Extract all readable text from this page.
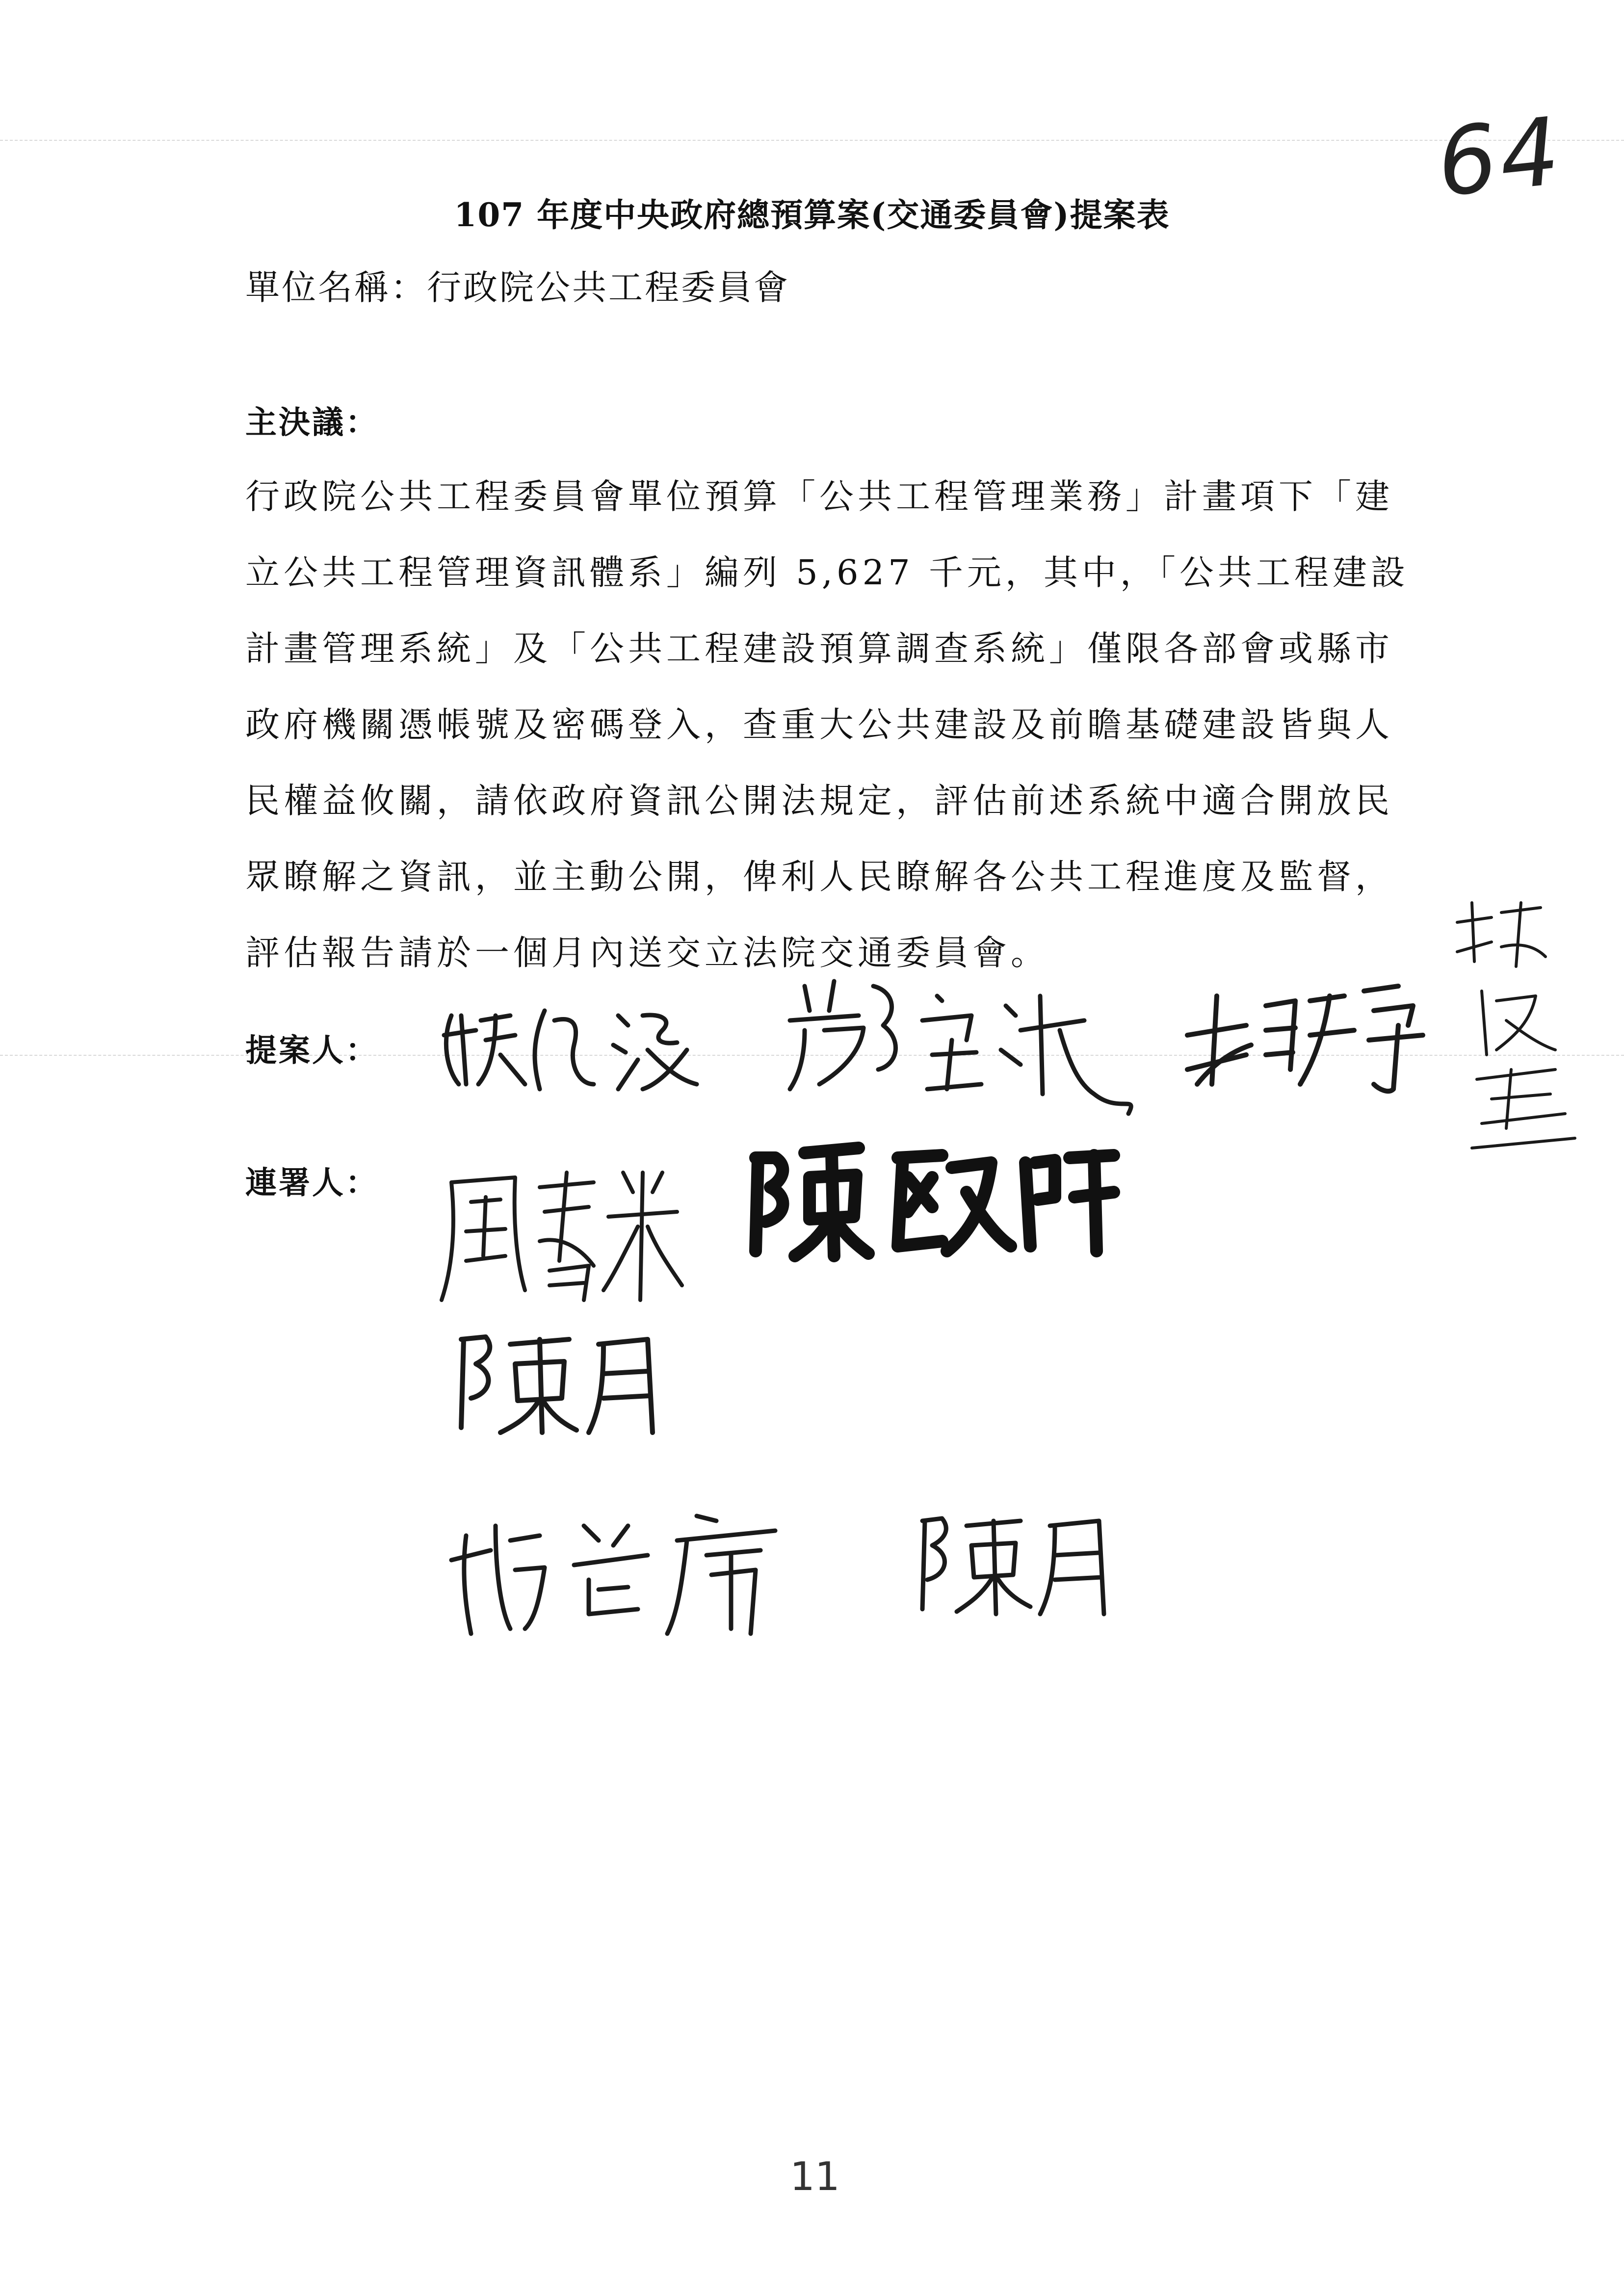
64
107 年度中央政府總預算案(交通委員會)提案表
單位名稱：行政院公共工程委員會
主決議：
行政院公共工程委員會單位預算「公共工程管理業務」計畫項下「建
立公共工程管理資訊體系」編列 5,627 千元，其中，「公共工程建設
計畫管理系統」及「公共工程建設預算調查系統」僅限各部會或縣市
政府機關憑帳號及密碼登入，查重大公共建設及前瞻基礎建設皆與人
民權益攸關，請依政府資訊公開法規定，評估前述系統中適合開放民
眾瞭解之資訊，並主動公開，俾利人民瞭解各公共工程進度及監督，
評估報告請於一個月內送交立法院交通委員會。
提案人：
連署人：
11
